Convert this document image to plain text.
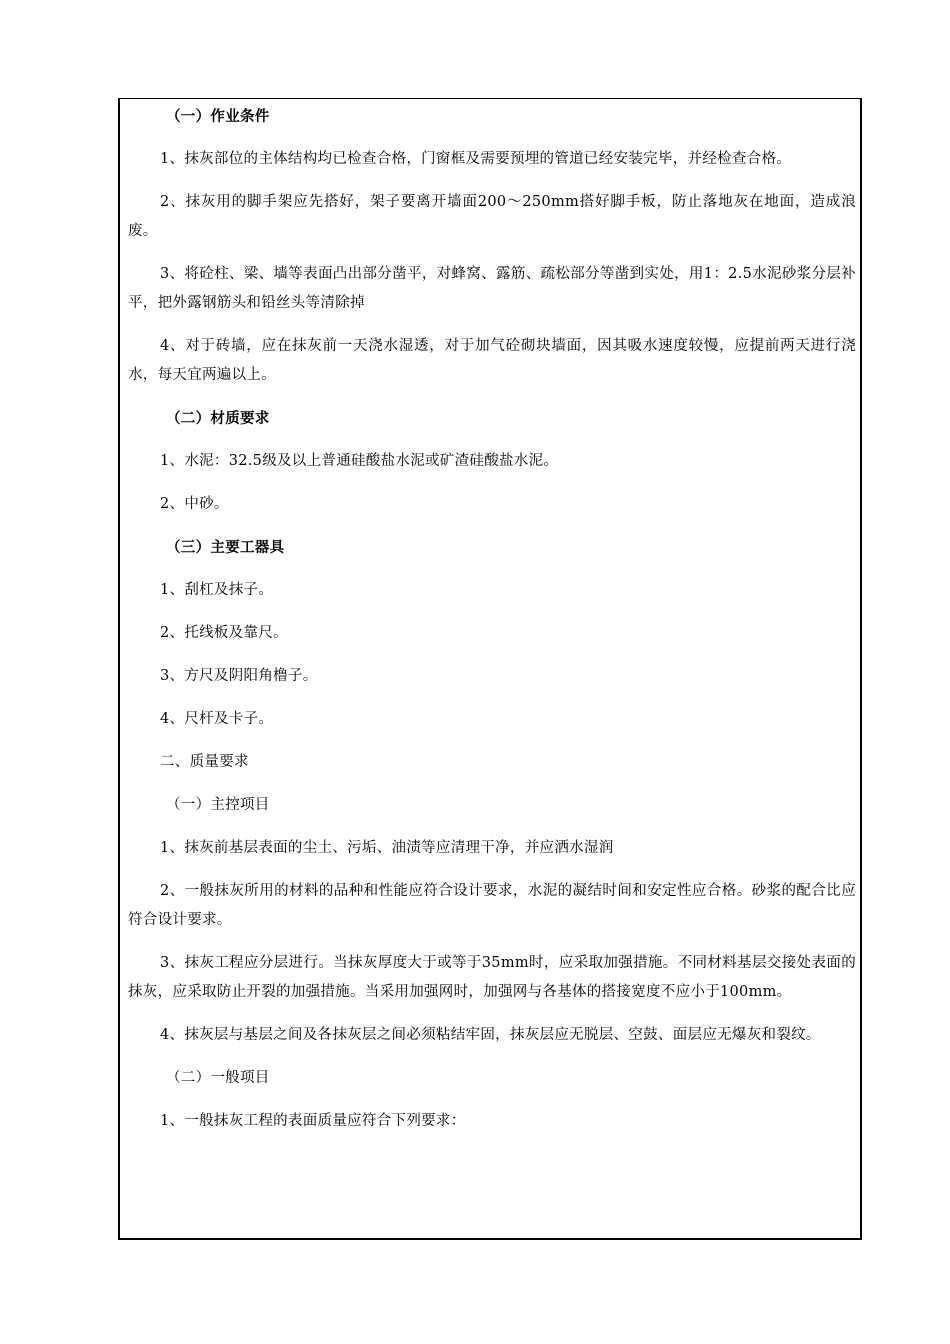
（一）作业条件

1、抹灰部位的主体结构均已检查合格，门窗框及需要预埋的管道已经安装完毕，并经检查合格。

2、抹灰用的脚手架应先搭好，架子要离开墙面200～250mm搭好脚手板，防止落地灰在地面，造成浪废。

3、将砼柱、梁、墙等表面凸出部分凿平，对蜂窝、露筋、疏松部分等凿到实处，用1：2.5水泥砂浆分层补平，把外露钢筋头和铅丝头等清除掉

4、对于砖墙，应在抹灰前一天浇水湿透，对于加气砼砌块墙面，因其吸水速度较慢，应提前两天进行浇水，每天宜两遍以上。

（二）材质要求

1、水泥：32.5级及以上普通硅酸盐水泥或矿渣硅酸盐水泥。

2、中砂。

（三）主要工器具

1、刮杠及抹子。

2、托线板及靠尺。

3、方尺及阴阳角橹子。

4、尺杆及卡子。

二、质量要求

（一）主控项目

1、抹灰前基层表面的尘土、污垢、油渍等应清理干净，并应洒水湿润

2、一般抹灰所用的材料的品种和性能应符合设计要求，水泥的凝结时间和安定性应合格。砂浆的配合比应符合设计要求。

3、抹灰工程应分层进行。当抹灰厚度大于或等于35mm时，应采取加强措施。不同材料基层交接处表面的抹灰，应采取防止开裂的加强措施。当采用加强网时，加强网与各基体的搭接宽度不应小于100mm。

4、抹灰层与基层之间及各抹灰层之间必须粘结牢固，抹灰层应无脱层、空鼓、面层应无爆灰和裂纹。

（二）一般项目

1、一般抹灰工程的表面质量应符合下列要求：
